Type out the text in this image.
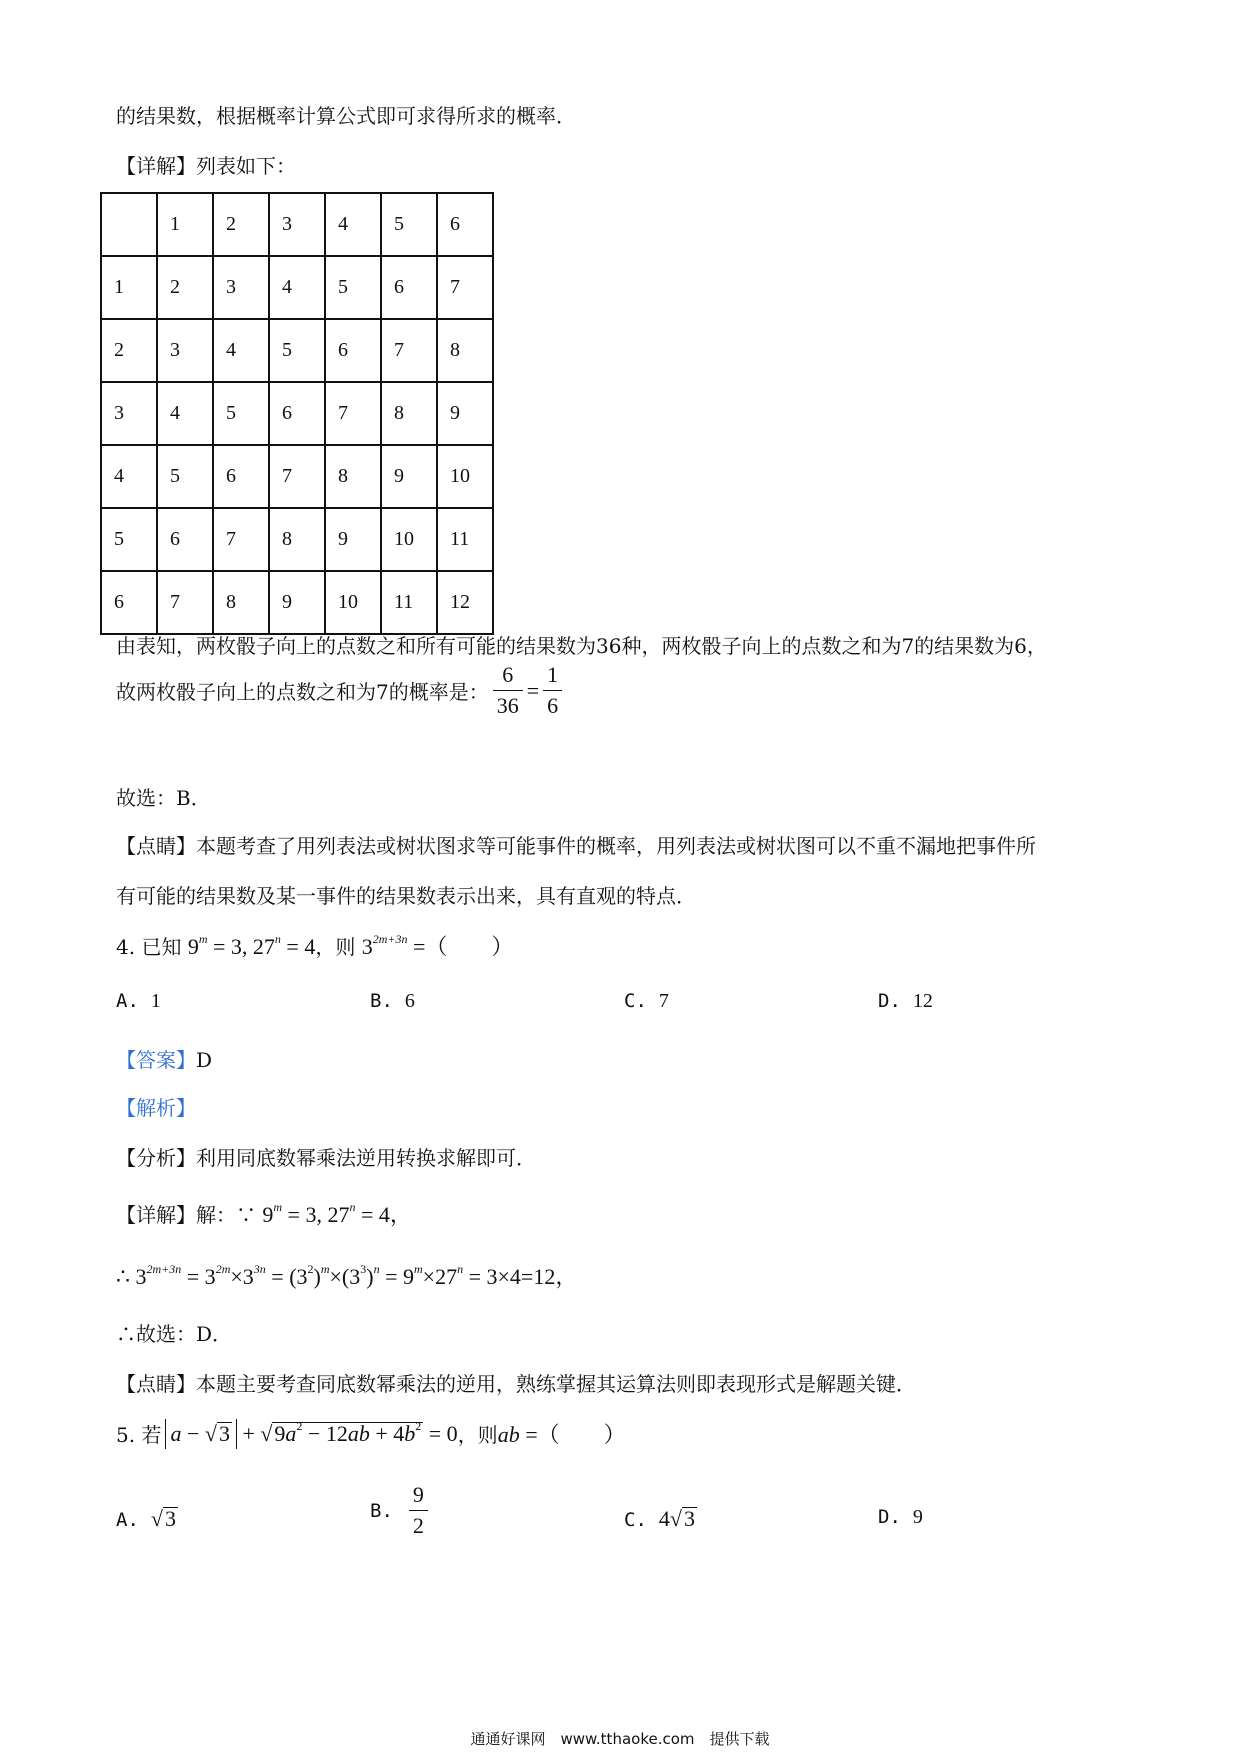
的结果数，根据概率计算公式即可求得所求的概率．
【详解】列表如下：
	1	2	3	4	5	6
1	2	3	4	5	6	7
2	3	4	5	6	7	8
3	4	5	6	7	8	9
4	5	6	7	8	9	10
5	6	7	8	9	10	11
6	7	8	9	10	11	12
由表知，两枚骰子向上的点数之和所有可能的结果数为36种，两枚骰子向上的点数之和为7的结果数为6，
故两枚骰子向上的点数之和为7的概率是： $\frac{6}{36} = \frac{1}{6}$
故选：B．
【点睛】本题考查了用列表法或树状图求等可能事件的概率，用列表法或树状图可以不重不漏地把事件所
有可能的结果数及某一事件的结果数表示出来，具有直观的特点．
4. 已知 $9^m = 3$, $27^n = 4$，则 $3^{2m+3n}$ =（　　）
A. 1	B. 6	C. 7	D. 12
【答案】D
【解析】
【分析】利用同底数幂乘法逆用转换求解即可．
【详解】解：∵ $9^m = 3$, $27^n = 4$，
∴ $3^{2m+3n} = 3^{2m}\times 3^{3n} = (3^2)^m\times(3^3)^n = 9^m\times 27^n = 3\times 4=12$，
∴故选：D．
【点睛】本题主要考查同底数幂乘法的逆用，熟练掌握其运算法则即表现形式是解题关键．
5. 若 $a - √3 + √9a^2 - 12ab + 4b^2 = 0$ ，则 ab =（　　）
A. √3	B. $\frac{9}{2}$	C. 4√3	D. 9
通通好课网　www.tthaoke.com　提供下载
